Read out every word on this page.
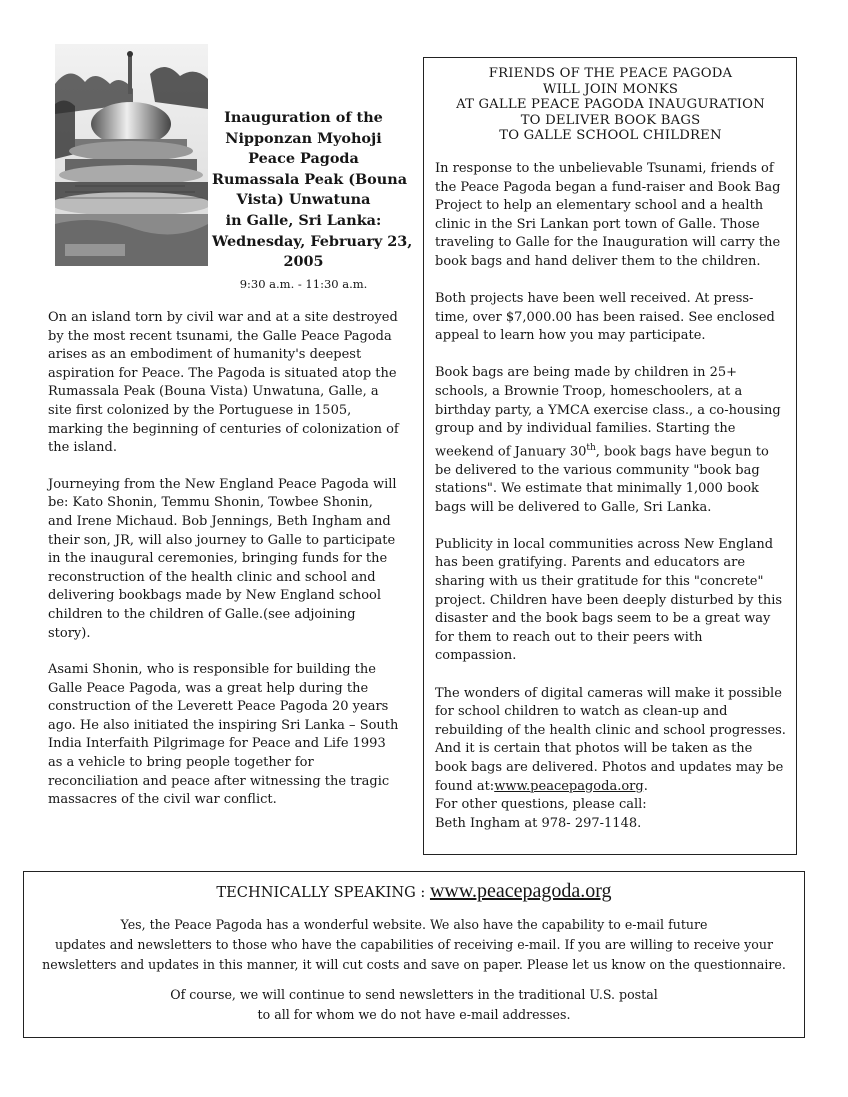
Inauguration of the
Nipponzan Myohoji
Peace Pagoda
Rumassala Peak (Bouna
Vista) Unwatuna
in Galle, Sri Lanka:
Wednesday, February 23,
2005
9:30 a.m. - 11:30 a.m.

On an island torn by civil war and at a site destroyed by the most recent tsunami, the Galle Peace Pagoda arises as an embodiment of humanity's deepest aspiration for Peace. The Pagoda is situated atop the Rumassala Peak (Bouna Vista) Unwatuna, Galle, a site first colonized by the Portuguese in 1505, marking the beginning of centuries of colonization of the island.

Journeying from the New England Peace Pagoda will be: Kato Shonin, Temmu Shonin, Towbee Shonin, and Irene Michaud. Bob Jennings, Beth Ingham and their son, JR, will also journey to Galle to participate in the inaugural ceremonies, bringing funds for the reconstruction of the health clinic and school and delivering bookbags made by New England school children to the children of Galle.(see adjoining story).

Asami Shonin, who is responsible for building the Galle Peace Pagoda, was a great help during the construction of the Leverett Peace Pagoda 20 years ago. He also initiated the inspiring Sri Lanka – South India Interfaith Pilgrimage for Peace and Life 1993 as a vehicle to bring people together for reconciliation and peace after witnessing the tragic massacres of the civil war conflict.

FRIENDS OF THE PEACE PAGODA
WILL JOIN MONKS
AT GALLE PEACE PAGODA INAUGURATION
TO DELIVER BOOK BAGS
TO GALLE SCHOOL CHILDREN

In response to the unbelievable Tsunami, friends of the Peace Pagoda began a fund-raiser and Book Bag Project to help an elementary school and a health clinic in the Sri Lankan port town of Galle. Those traveling to Galle for the Inauguration will carry the book bags and hand deliver them to the children.

Both projects have been well received. At press-time, over $7,000.00 has been raised. See enclosed appeal to learn how you may participate.

Book bags are being made by children in 25+ schools, a Brownie Troop, homeschoolers, at a birthday party, a YMCA exercise class., a co-housing group and by individual families. Starting the weekend of January 30th, book bags have begun to be delivered to the various community "book bag stations". We estimate that minimally 1,000 book bags will be delivered to Galle, Sri Lanka.

Publicity in local communities across New England has been gratifying. Parents and educators are sharing with us their gratitude for this "concrete" project. Children have been deeply disturbed by this disaster and the book bags seem to be a great way for them to reach out to their peers with compassion.

The wonders of digital cameras will make it possible for school children to watch as clean-up and rebuilding of the health clinic and school progresses. And it is certain that photos will be taken as the book bags are delivered. Photos and updates may be found at:www.peacepagoda.org.
For other questions, please call:
Beth Ingham at 978- 297-1148.

TECHNICALLY SPEAKING : www.peacepagoda.org

Yes, the Peace Pagoda has a wonderful website. We also have the capability to e-mail future
updates and newsletters to those who have the capabilities of receiving e-mail. If you are willing to receive your
newsletters and updates in this manner, it will cut costs and save on paper. Please let us know on the questionnaire.

Of course, we will continue to send newsletters in the traditional U.S. postal
to all for whom we do not have e-mail addresses.
